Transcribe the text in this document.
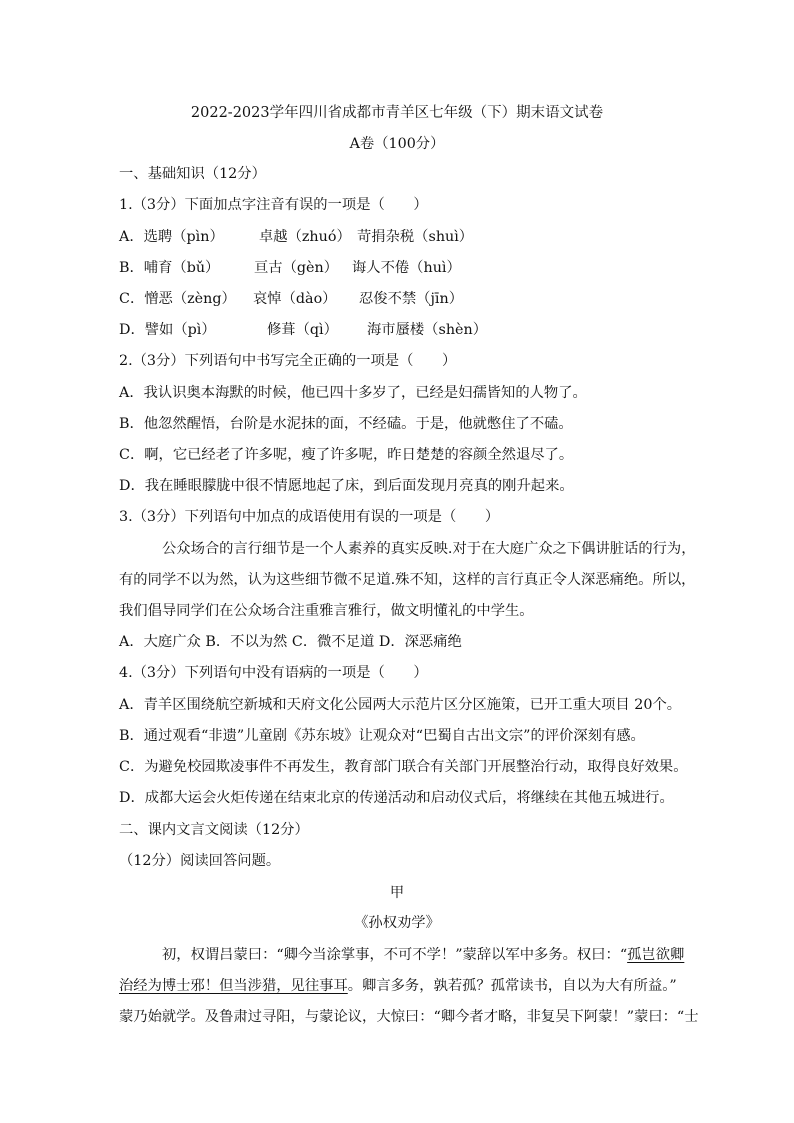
2022-2023学年四川省成都市青羊区七年级（下）期末语文试卷
A卷（100分）
一、基础知识（12分）
1.（3分）下面加点字注音有误的一项是（　　）
A．选聘（pìn） 卓越（zhuó） 苛捐杂税（shuì）
B．哺育（bǔ） 亘古（gèn） 诲人不倦（huì）
C．憎恶（zèng） 哀悼（dào） 忍俊不禁（jīn）
D．譬如（pì）	修葺（qì） 海市蜃楼（shèn）
2.（3分）下列语句中书写完全正确的一项是（　　）
A．我认识奥本海默的时候，他已四十多岁了，已经是妇孺皆知的人物了。
B．他忽然醒悟，台阶是水泥抹的面，不经磕。于是，他就憋住了不磕。
C．啊，它已经老了许多呢，瘦了许多呢，昨日楚楚的容颜全然退尽了。
D．我在睡眼朦胧中很不情愿地起了床，到后面发现月亮真的刚升起来。
3.（3分）下列语句中加点的成语使用有误的一项是（　　）
公众场合的言行细节是一个人素养的真实反映.对于在大庭广众之下偶讲脏话的行为，
有的同学不以为然，认为这些细节微不足道.殊不知，这样的言行真正令人深恶痛绝。所以，
我们倡导同学们在公众场合注重雅言雅行，做文明懂礼的中学生。
A．大庭广众 B．不以为然 C．微不足道 D．深恶痛绝
4.（3分）下列语句中没有语病的一项是（　　）
A．青羊区围绕航空新城和天府文化公园两大示范片区分区施策，已开工重大项目 20个。
B．通过观看“非遗”儿童剧《苏东坡》让观众对“巴蜀自古出文宗”的评价深刻有感。
C．为避免校园欺凌事件不再发生，教育部门联合有关部门开展整治行动，取得良好效果。
D．成都大运会火炬传递在结束北京的传递活动和启动仪式后，将继续在其他五城进行。
二、课内文言文阅读（12分）
（12分）阅读回答问题。
甲
《孙权劝学》
初，权谓吕蒙曰：“卿今当涂掌事，不可不学！”蒙辞以军中多务。权曰：“孤岂欲卿
治经为博士邪！但当涉猎，见往事耳。卿言多务，孰若孤？孤常读书，自以为大有所益。”
蒙乃始就学。及鲁肃过寻阳，与蒙论议，大惊曰：“卿今者才略，非复吴下阿蒙！”蒙曰：“士
